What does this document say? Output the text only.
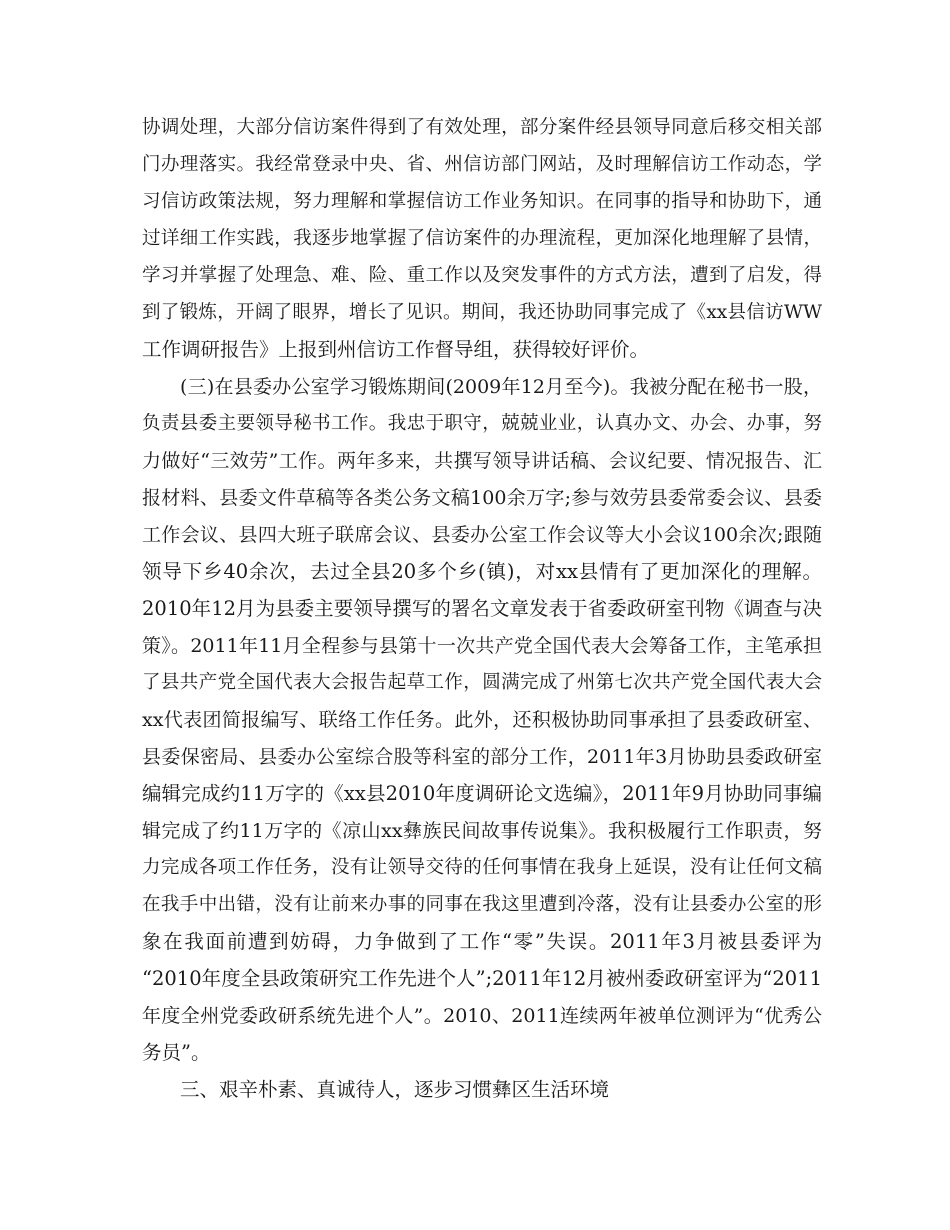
协调处理，大部分信访案件得到了有效处理，部分案件经县领导同意后移交相关部
门办理落实。我经常登录中央、省、州信访部门网站，及时理解信访工作动态，学
习信访政策法规，努力理解和掌握信访工作业务知识。在同事的指导和协助下，通
过详细工作实践，我逐步地掌握了信访案件的办理流程，更加深化地理解了县情，
学习并掌握了处理急、难、险、重工作以及突发事件的方式方法，遭到了启发，得
到了锻炼，开阔了眼界，增长了见识。期间，我还协助同事完成了《xx县信访WW
工作调研报告》上报到州信访工作督导组，获得较好评价。
(三)在县委办公室学习锻炼期间(2009年12月至今)。我被分配在秘书一股，
负责县委主要领导秘书工作。我忠于职守，兢兢业业，认真办文、办会、办事，努
力做好“三效劳”工作。两年多来，共撰写领导讲话稿、会议纪要、情况报告、汇
报材料、县委文件草稿等各类公务文稿100余万字;参与效劳县委常委会议、县委
工作会议、县四大班子联席会议、县委办公室工作会议等大小会议100余次;跟随
领导下乡40余次，去过全县20多个乡(镇)，对xx县情有了更加深化的理解。
2010年12月为县委主要领导撰写的署名文章发表于省委政研室刊物《调查与决
策》。2011年11月全程参与县第十一次共产党全国代表大会筹备工作，主笔承担
了县共产党全国代表大会报告起草工作，圆满完成了州第七次共产党全国代表大会
xx代表团简报编写、联络工作任务。此外，还积极协助同事承担了县委政研室、
县委保密局、县委办公室综合股等科室的部分工作，2011年3月协助县委政研室
编辑完成约11万字的《xx县2010年度调研论文选编》，2011年9月协助同事编
辑完成了约11万字的《凉山xx彝族民间故事传说集》。我积极履行工作职责，努
力完成各项工作任务，没有让领导交待的任何事情在我身上延误，没有让任何文稿
在我手中出错，没有让前来办事的同事在我这里遭到冷落，没有让县委办公室的形
象在我面前遭到妨碍，力争做到了工作“零”失误。2011年3月被县委评为
“2010年度全县政策研究工作先进个人”;2011年12月被州委政研室评为“2011
年度全州党委政研系统先进个人”。2010、2011连续两年被单位测评为“优秀公
务员”。
三、艰辛朴素、真诚待人，逐步习惯彝区生活环境
